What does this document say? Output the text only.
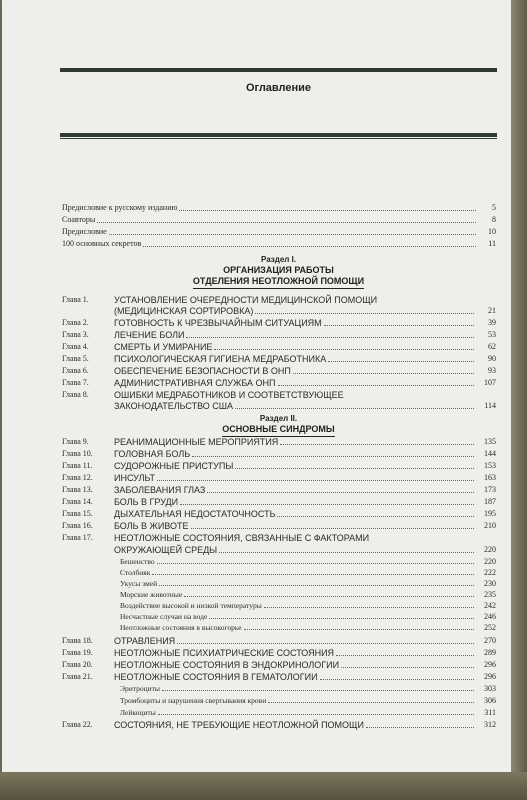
Оглавление
Предисловие к русскому изданию	5
Соавторы	8
Предисловие	10
100 основных секретов	11
Раздел I.
ОРГАНИЗАЦИЯ РАБОТЫ
ОТДЕЛЕНИЯ НЕОТЛОЖНОЙ ПОМОЩИ
Глава 1.	УСТАНОВЛЕНИЕ ОЧЕРЕДНОСТИ МЕДИЦИНСКОЙ ПОМОЩИ
(МЕДИЦИНСКАЯ СОРТИРОВКА)	21
Глава 2.	ГОТОВНОСТЬ К ЧРЕЗВЫЧАЙНЫМ СИТУАЦИЯМ	39
Глава 3.	ЛЕЧЕНИЕ БОЛИ	53
Глава 4.	СМЕРТЬ И УМИРАНИЕ	62
Глава 5.	ПСИХОЛОГИЧЕСКАЯ ГИГИЕНА МЕДРАБОТНИКА	90
Глава 6.	ОБЕСПЕЧЕНИЕ БЕЗОПАСНОСТИ В ОНП	93
Глава 7.	АДМИНИСТРАТИВНАЯ СЛУЖБА ОНП	107
Глава 8.	ОШИБКИ МЕДРАБОТНИКОВ И СООТВЕТСТВУЮЩЕЕ
ЗАКОНОДАТЕЛЬСТВО США	114
Раздел II.
ОСНОВНЫЕ СИНДРОМЫ
Глава 9.	РЕАНИМАЦИОННЫЕ МЕРОПРИЯТИЯ	135
Глава 10.	ГОЛОВНАЯ БОЛЬ	144
Глава 11.	СУДОРОЖНЫЕ ПРИСТУПЫ	153
Глава 12.	ИНСУЛЬТ	163
Глава 13.	ЗАБОЛЕВАНИЯ ГЛАЗ	173
Глава 14.	БОЛЬ В ГРУДИ	187
Глава 15.	ДЫХАТЕЛЬНАЯ НЕДОСТАТОЧНОСТЬ	195
Глава 16.	БОЛЬ В ЖИВОТЕ	210
Глава 17.	НЕОТЛОЖНЫЕ СОСТОЯНИЯ, СВЯЗАННЫЕ С ФАКТОРАМИ
ОКРУЖАЮЩЕЙ СРЕДЫ	220
Бешенство	220
Столбняк	222
Укусы змей	230
Морские животные	235
Воздействие высокой и низкой температуры	242
Несчастные случаи на воде	246
Неотложные состояния в высокогорье	252
Глава 18.	ОТРАВЛЕНИЯ	270
Глава 19.	НЕОТЛОЖНЫЕ ПСИХИАТРИЧЕСКИЕ СОСТОЯНИЯ	289
Глава 20.	НЕОТЛОЖНЫЕ СОСТОЯНИЯ В ЭНДОКРИНОЛОГИИ	296
Глава 21.	НЕОТЛОЖНЫЕ СОСТОЯНИЯ В ГЕМАТОЛОГИИ	296
Эритроциты	303
Тромбоциты и нарушения свертывания крови	306
Лейкоциты	311
Глава 22.	СОСТОЯНИЯ, НЕ ТРЕБУЮЩИЕ НЕОТЛОЖНОЙ ПОМОЩИ	312
